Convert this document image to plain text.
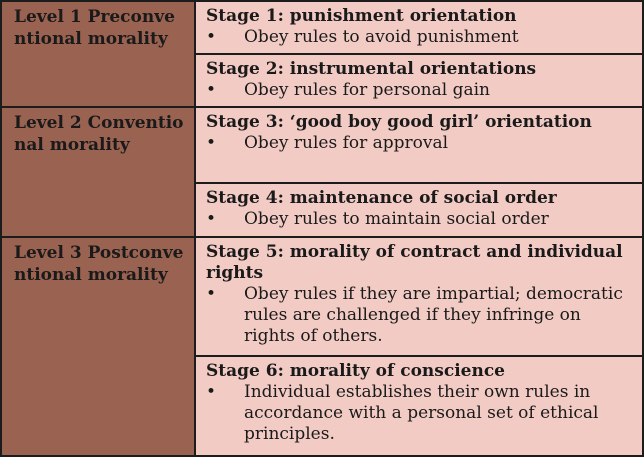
Level 1 Preconventional morality	Stage 1: punishment orientation
• Obey rules to avoid punishment

	Stage 2: instrumental orientations
• Obey rules for personal gain

Level 2 Conventional morality	Stage 3: ‘good boy good girl’ orientation
• Obey rules for approval

	Stage 4: maintenance of social order
• Obey rules to maintain social order

Level 3 Postconventional morality	Stage 5: morality of contract and individual rights
• Obey rules if they are impartial; democratic rules are challenged if they infringe on rights of others.

	Stage 6: morality of conscience
• Individual establishes their own rules in accordance with a personal set of ethical principles.
